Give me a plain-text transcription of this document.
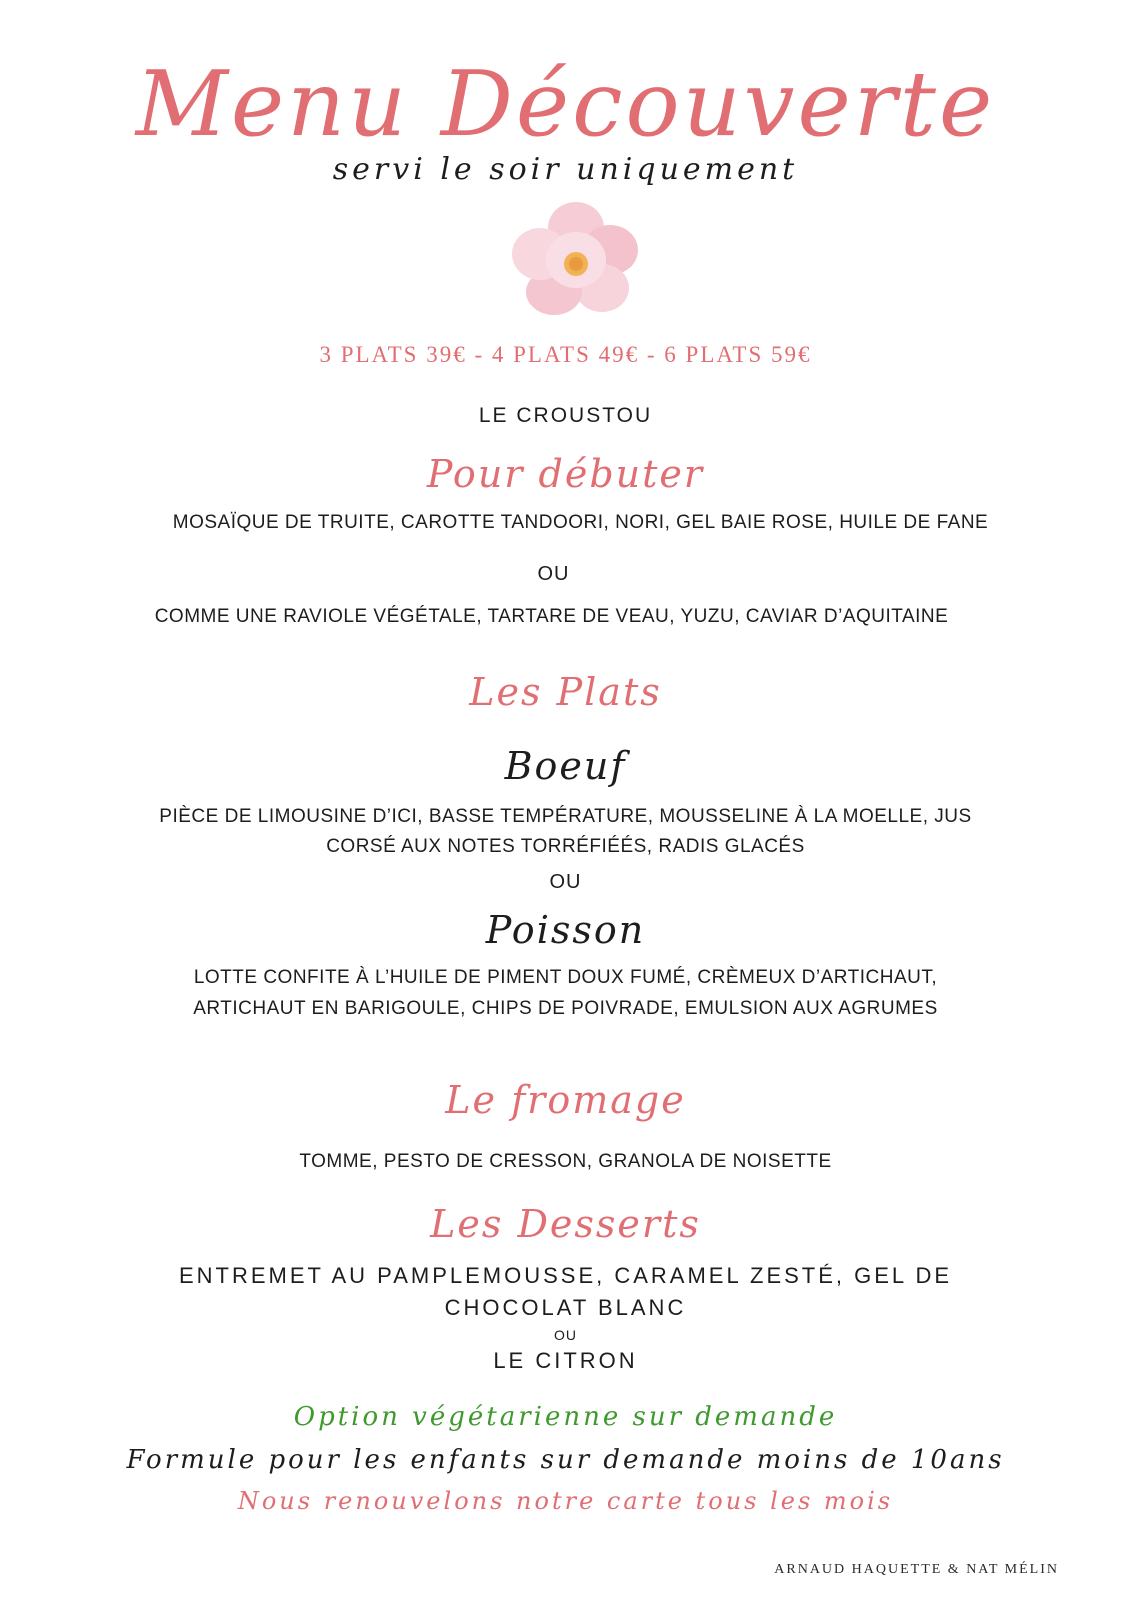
Menu Découverte
servi le soir uniquement
3 PLATS 39€ - 4 PLATS 49€ - 6 PLATS 59€
LE CROUSTOU
Pour débuter
MOSAÏQUE DE TRUITE, CAROTTE TANDOORI, NORI, GEL BAIE ROSE, HUILE DE FANE
OU
COMME UNE RAVIOLE VÉGÉTALE, TARTARE DE VEAU, YUZU, CAVIAR D’AQUITAINE
Les Plats
Boeuf
PIÈCE DE LIMOUSINE D’ICI, BASSE TEMPÉRATURE, MOUSSELINE À LA MOELLE, JUS
CORSÉ AUX NOTES TORRÉFIÉÉS, RADIS GLACÉS
OU
Poisson
LOTTE CONFITE À L’HUILE DE PIMENT DOUX FUMÉ, CRÈMEUX D’ARTICHAUT,
ARTICHAUT EN BARIGOULE, CHIPS DE POIVRADE, EMULSION AUX AGRUMES
Le fromage
TOMME, PESTO DE CRESSON, GRANOLA DE NOISETTE
Les Desserts
ENTREMET AU PAMPLEMOUSSE, CARAMEL ZESTÉ, GEL DE
CHOCOLAT BLANC
OU
LE CITRON
Option végétarienne sur demande
Formule pour les enfants sur demande moins de 10ans
Nous renouvelons notre carte tous les mois
ARNAUD HAQUETTE & NAT MÉLIN
